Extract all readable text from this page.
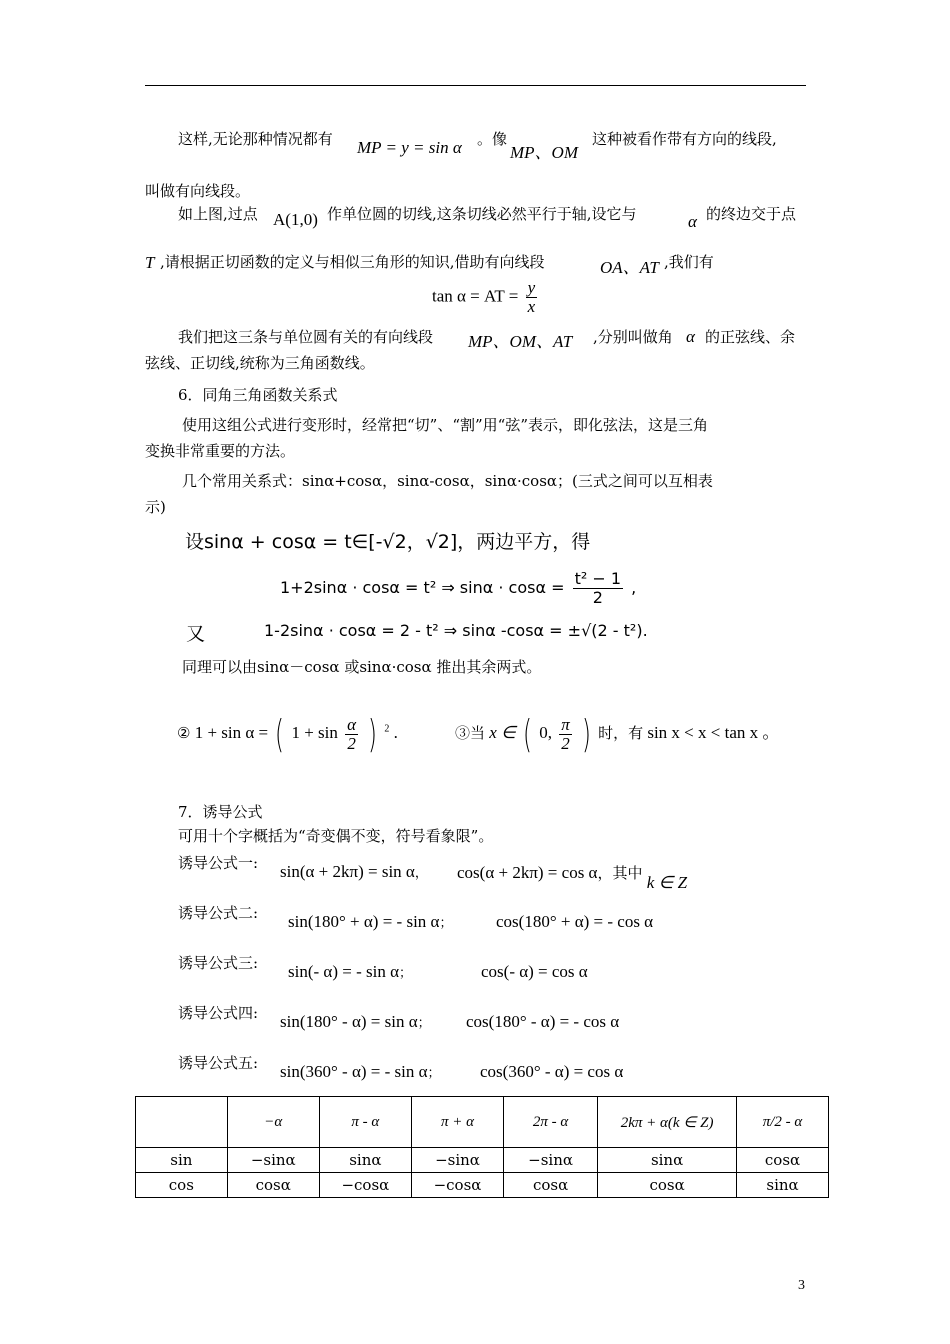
这样,无论那种情况都有 MP = y = sin α 。像
MP、OM
这种被看作带有方向的线段,
叫做有向线段。
如上图,过点 A(1,0) 作单位圆的切线,这条切线必然平行于轴,设它与	α 的终边交于点
T ,请根据正切函数的定义与相似三角形的知识,借助有向线段	OA、AT ,我们有
tan α = AT = $\frac{y}{x}$
我们把这三条与单位圆有关的有向线段 MP、OM、AT ,分别叫做角 α 的正弦线、余
弦线、正切线,统称为三角函数线。
6．同角三角函数关系式
使用这组公式进行变形时，经常把“切”、“割”用“弦”表示，即化弦法，这是三角
变换非常重要的方法。
几个常用关系式：sinα+cosα，sinα-cosα，sinα·cosα；(三式之间可以互相表
示)
设sinα + cosα = t∈[-√2，√2]，两边平方，得
1+2sinα · cosα = t² ⇒ $\sin\alpha \cdot \cos\alpha = \frac{\text{t² − 1}}{2}$ ,
又	1-2sinα · cosα = 2 - t² ⇒ sinα -cosα = ±√(2 - t²).
同理可以由sinα－cosα 或sinα·cosα 推出其余两式。
② 1 + sin α = ( $1 + \sin \frac{\alpha}{2}$ ) $^2$ .	③当 x ∈ ( 0, $\frac{\pi}{2}$ ) 时，有 sin x < x < tan x 。
7．诱导公式
可用十个字概括为“奇变偶不变，符号看象限”。
诱导公式一: sin(α + 2kπ) = sin α， cos(α + 2kπ) = cos α，其中 k ∈ Z
诱导公式二: sin(180° + α) = - sin α；	cos(180° + α) = - cos α
诱导公式三: sin(- α) = - sin α；	cos(- α) = cos α
诱导公式四: sin(180° - α) = sin α； cos(180° - α) = - cos α
诱导公式五: sin(360° - α) = - sin α； cos(360° - α) = cos α
	−α	π - α	π + α	2π - α	2kπ + α(k ∈ Z)	π/2 - α
sin	−sinα	sinα	−sinα	−sinα	sinα	cosα
cos	cosα	−cosα	−cosα	cosα	cosα	sinα
3
